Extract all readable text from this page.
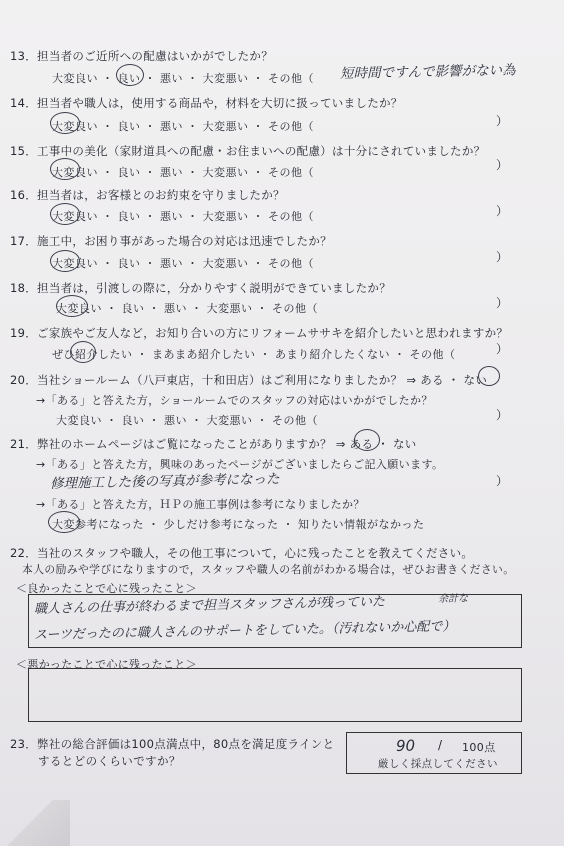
13．担当者のご近所への配慮はいかがでしたか？
大変良い ・ 良い ・ 悪い ・ 大変悪い ・ その他（ 短時間ですんで影響がない為
14．担当者や職人は，使用する商品や，材料を大切に扱っていましたか？
大変良い ・ 良い ・ 悪い ・ 大変悪い ・ その他（	）
15．工事中の美化（家財道具への配慮・お住まいへの配慮）は十分にされていましたか？
大変良い ・ 良い ・ 悪い ・ 大変悪い ・ その他（
）
16．担当者は，お客様とのお約束を守りましたか？
大変良い ・ 良い ・ 悪い ・ 大変悪い ・ その他（	）
17．施工中，お困り事があった場合の対応は迅速でしたか？
大変良い ・ 良い ・ 悪い ・ 大変悪い ・ その他（	）
18．担当者は，引渡しの際に，分かりやすく説明ができていましたか？
大変良い ・ 良い ・ 悪い ・ 大変悪い ・ その他（	）
19．ご家族やご友人など，お知り合いの方にリフォームササキを紹介したいと思われますか？
ぜひ紹介したい ・ まあまあ紹介したい ・ あまり紹介したくない ・ その他（	）
20．当社ショールーム（八戸東店，十和田店）はご利用になりましたか？ ⇒ ある ・ ない
→「ある」と答えた方，ショールームでのスタッフの対応はいかがでしたか？
大変良い ・ 良い ・ 悪い ・ 大変悪い ・ その他（	）
21．弊社のホームページはご覧になったことがありますか？ ⇒ ある ・ ない
→「ある」と答えた方，興味のあったページがございましたらご記入願います。
修理施工した後の写真が参考になった	）
→「ある」と答えた方，ＨＰの施工事例は参考になりましたか？
大変参考になった ・ 少しだけ参考になった ・ 知りたい情報がなかった
22．当社のスタッフや職人，その他工事について，心に残ったことを教えてください。
本人の励みや学びになりますので，スタッフや職人の名前がわかる場合は，ぜひお書きください。
＜良かったことで心に残ったこと＞
職人さんの仕事が終わるまで担当スタッフさんが残っていた	余計な
スーツだったのに職人さんのサポートをしていた。（汚れないか心配で）
＜悪かったことで心に残ったこと＞
23．弊社の総合評価は100点満点中，80点を満足度ラインと
するとどのくらいですか？
90 / 100点
厳しく採点してください
